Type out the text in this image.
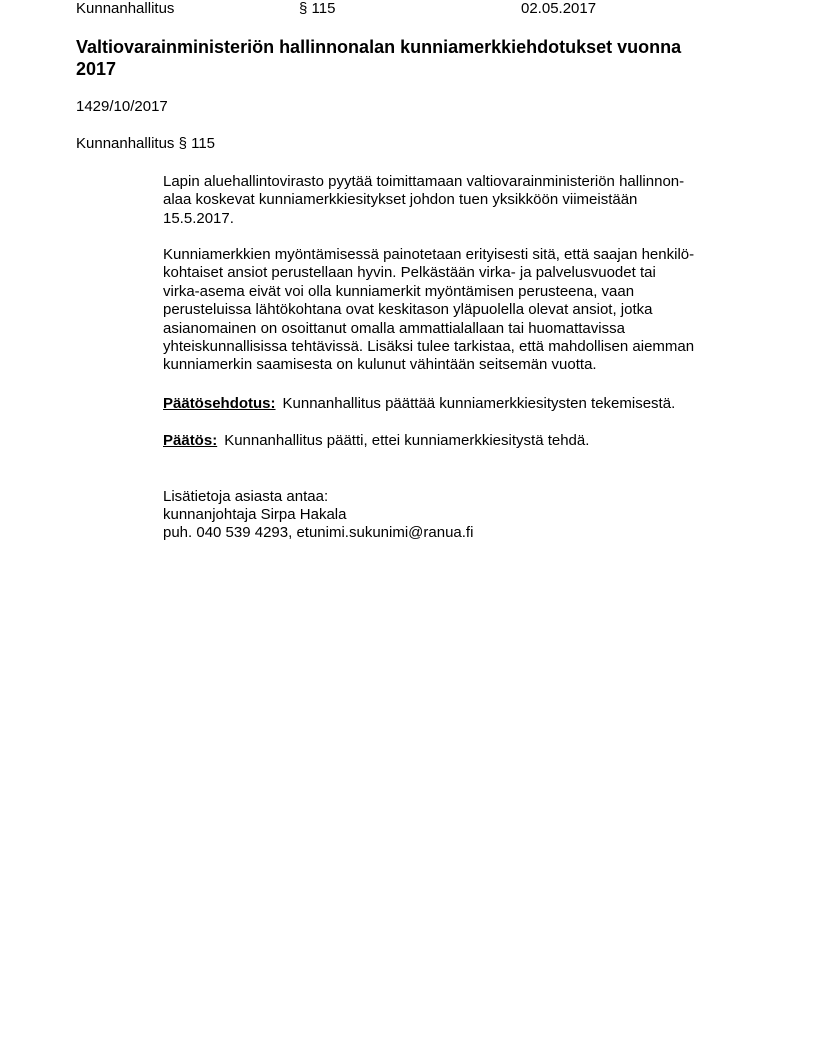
Kunnanhallitus	§ 115	02.05.2017
Valtiovarainministeriön hallinnonalan kunniamerkkiehdotukset vuonna
2017
1429/10/2017
Kunnanhallitus § 115
Lapin aluehallintovirasto pyytää toimittamaan valtiovarainministeriön hallinnon-
alaa koskevat kunniamerkkiesitykset johdon tuen yksikköön viimeistään
15.5.2017.
Kunniamerkkien myöntämisessä painotetaan erityisesti sitä, että saajan henkilö-
kohtaiset ansiot perustellaan hyvin. Pelkästään virka- ja palvelusvuodet tai
virka-asema eivät voi olla kunniamerkit myöntämisen perusteena, vaan
perusteluissa lähtökohtana ovat keskitason yläpuolella olevat ansiot, jotka
asianomainen on osoittanut omalla ammattialallaan tai huomattavissa
yhteiskunnallisissa tehtävissä. Lisäksi tulee tarkistaa, että mahdollisen aiemman
kunniamerkin saamisesta on kulunut vähintään seitsemän vuotta.
Päätösehdotus: Kunnanhallitus päättää kunniamerkkiesitysten tekemisestä.
Päätös: Kunnanhallitus päätti, ettei kunniamerkkiesitystä tehdä.
Lisätietoja asiasta antaa:
kunnanjohtaja Sirpa Hakala
puh. 040 539 4293, etunimi.sukunimi@ranua.fi
